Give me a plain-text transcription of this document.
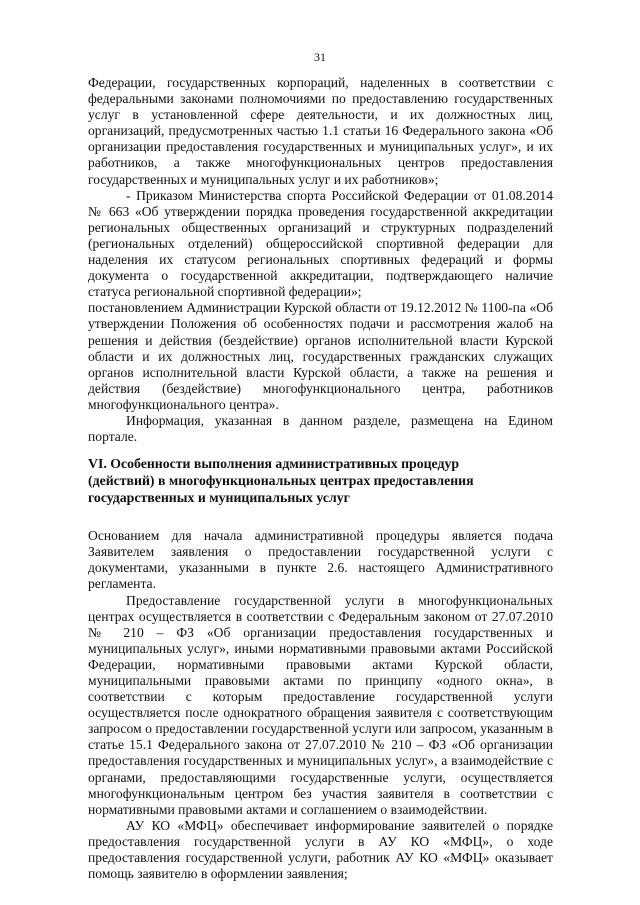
31

Федерации, государственных корпораций, наделенных в соответствии с федеральными законами полномочиями по предоставлению государственных услуг в установленной сфере деятельности, и их должностных лиц, организаций, предусмотренных частью 1.1 статьи 16 Федерального закона «Об организации предоставления государственных и муниципальных услуг», и их работников, а также многофункциональных центров предоставления государственных и муниципальных услуг и их работников»;

- Приказом Министерства спорта Российской Федерации от 01.08.2014 № 663 «Об утверждении порядка проведения государственной аккредитации региональных общественных организаций и структурных подразделений (региональных отделений) общероссийской спортивной федерации для наделения их статусом региональных спортивных федераций и формы документа о государственной аккредитации, подтверждающего наличие статуса региональной спортивной федерации»;

постановлением Администрации Курской области от 19.12.2012 № 1100-па «Об утверждении Положения об особенностях подачи и рассмотрения жалоб на решения и действия (бездействие) органов исполнительной власти Курской области и их должностных лиц, государственных гражданских служащих органов исполнительной власти Курской области, а также на решения и действия (бездействие) многофункционального центра, работников многофункционального центра».

Информация, указанная в данном разделе, размещена на Едином портале.

VI. Особенности выполнения административных процедур

(действий) в многофункциональных центрах предоставления

государственных и муниципальных услуг

Основанием для начала административной процедуры является подача Заявителем заявления о предоставлении государственной услуги с документами, указанными в пункте 2.6. настоящего Административного регламента.

Предоставление государственной услуги в многофункциональных центрах осуществляется в соответствии с Федеральным законом от 27.07.2010 № 210 – ФЗ «Об организации предоставления государственных и муниципальных услуг», иными нормативными правовыми актами Российской Федерации, нормативными правовыми актами Курской области, муниципальными правовыми актами по принципу «одного окна», в соответствии с которым предоставление государственной услуги осуществляется после однократного обращения заявителя с соответствующим запросом о предоставлении государственной услуги или запросом, указанным в статье 15.1 Федерального закона от 27.07.2010 № 210 – ФЗ «Об организации предоставления государственных и муниципальных услуг», а взаимодействие с органами, предоставляющими государственные услуги, осуществляется многофункциональным центром без участия заявителя в соответствии с нормативными правовыми актами и соглашением о взаимодействии.

АУ КО «МФЦ» обеспечивает информирование заявителей о порядке предоставления государственной услуги в АУ КО «МФЦ», о ходе предоставления государственной услуги, работник АУ КО «МФЦ» оказывает помощь заявителю в оформлении заявления;
